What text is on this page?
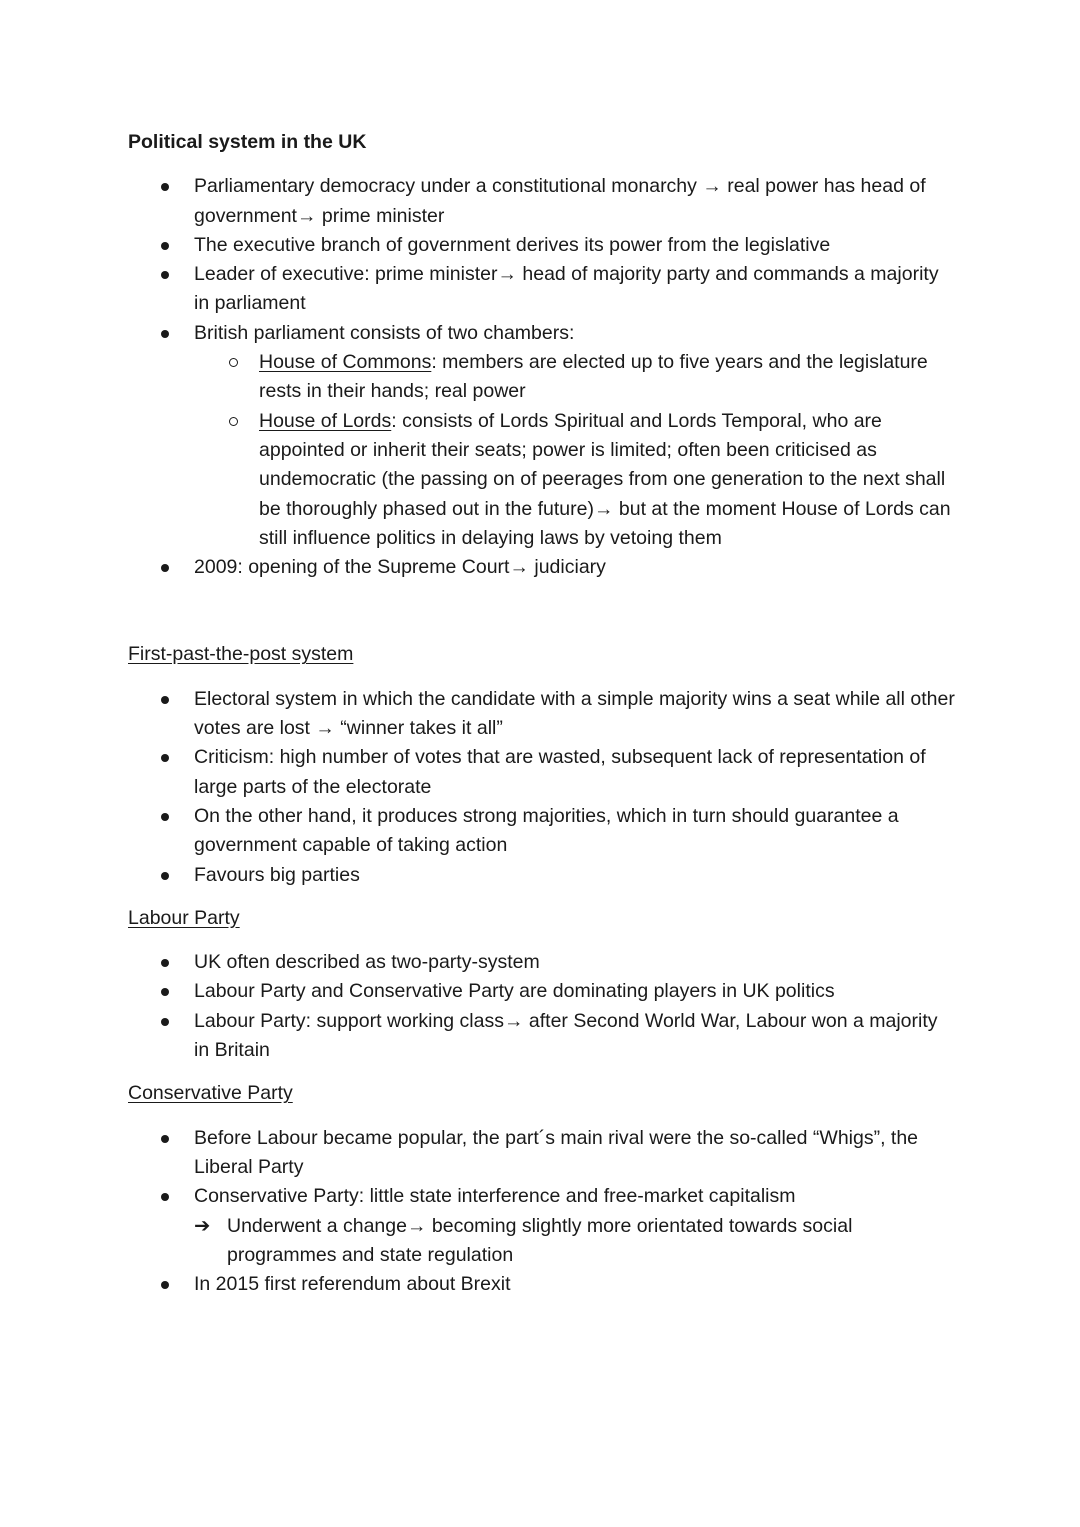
Political system in the UK
Parliamentary democracy under a constitutional monarchy → real power has head of government→ prime minister
The executive branch of government derives its power from the legislative
Leader of executive: prime minister→ head of majority party and commands a majority in parliament
British parliament consists of two chambers:
House of Commons: members are elected up to five years and the legislature rests in their hands; real power
House of Lords: consists of Lords Spiritual and Lords Temporal, who are appointed or inherit their seats; power is limited; often been criticised as undemocratic (the passing on of peerages from one generation to the next shall be thoroughly phased out in the future)→ but at the moment House of Lords can still influence politics in delaying laws by vetoing them
2009: opening of the Supreme Court→ judiciary
First-past-the-post system
Electoral system in which the candidate with a simple majority wins a seat while all other votes are lost → “winner takes it all”
Criticism: high number of votes that are wasted, subsequent lack of representation of large parts of the electorate
On the other hand, it produces strong majorities, which in turn should guarantee a government capable of taking action
Favours big parties
Labour Party
UK often described as two-party-system
Labour Party and Conservative Party are dominating players in UK politics
Labour Party: support working class→ after Second World War, Labour won a majority in Britain
Conservative Party
Before Labour became popular, the part´s main rival were the so-called “Whigs”, the Liberal Party
Conservative Party: little state interference and free-market capitalism
➔ Underwent a change→ becoming slightly more orientated towards social programmes and state regulation
In 2015 first referendum about Brexit
